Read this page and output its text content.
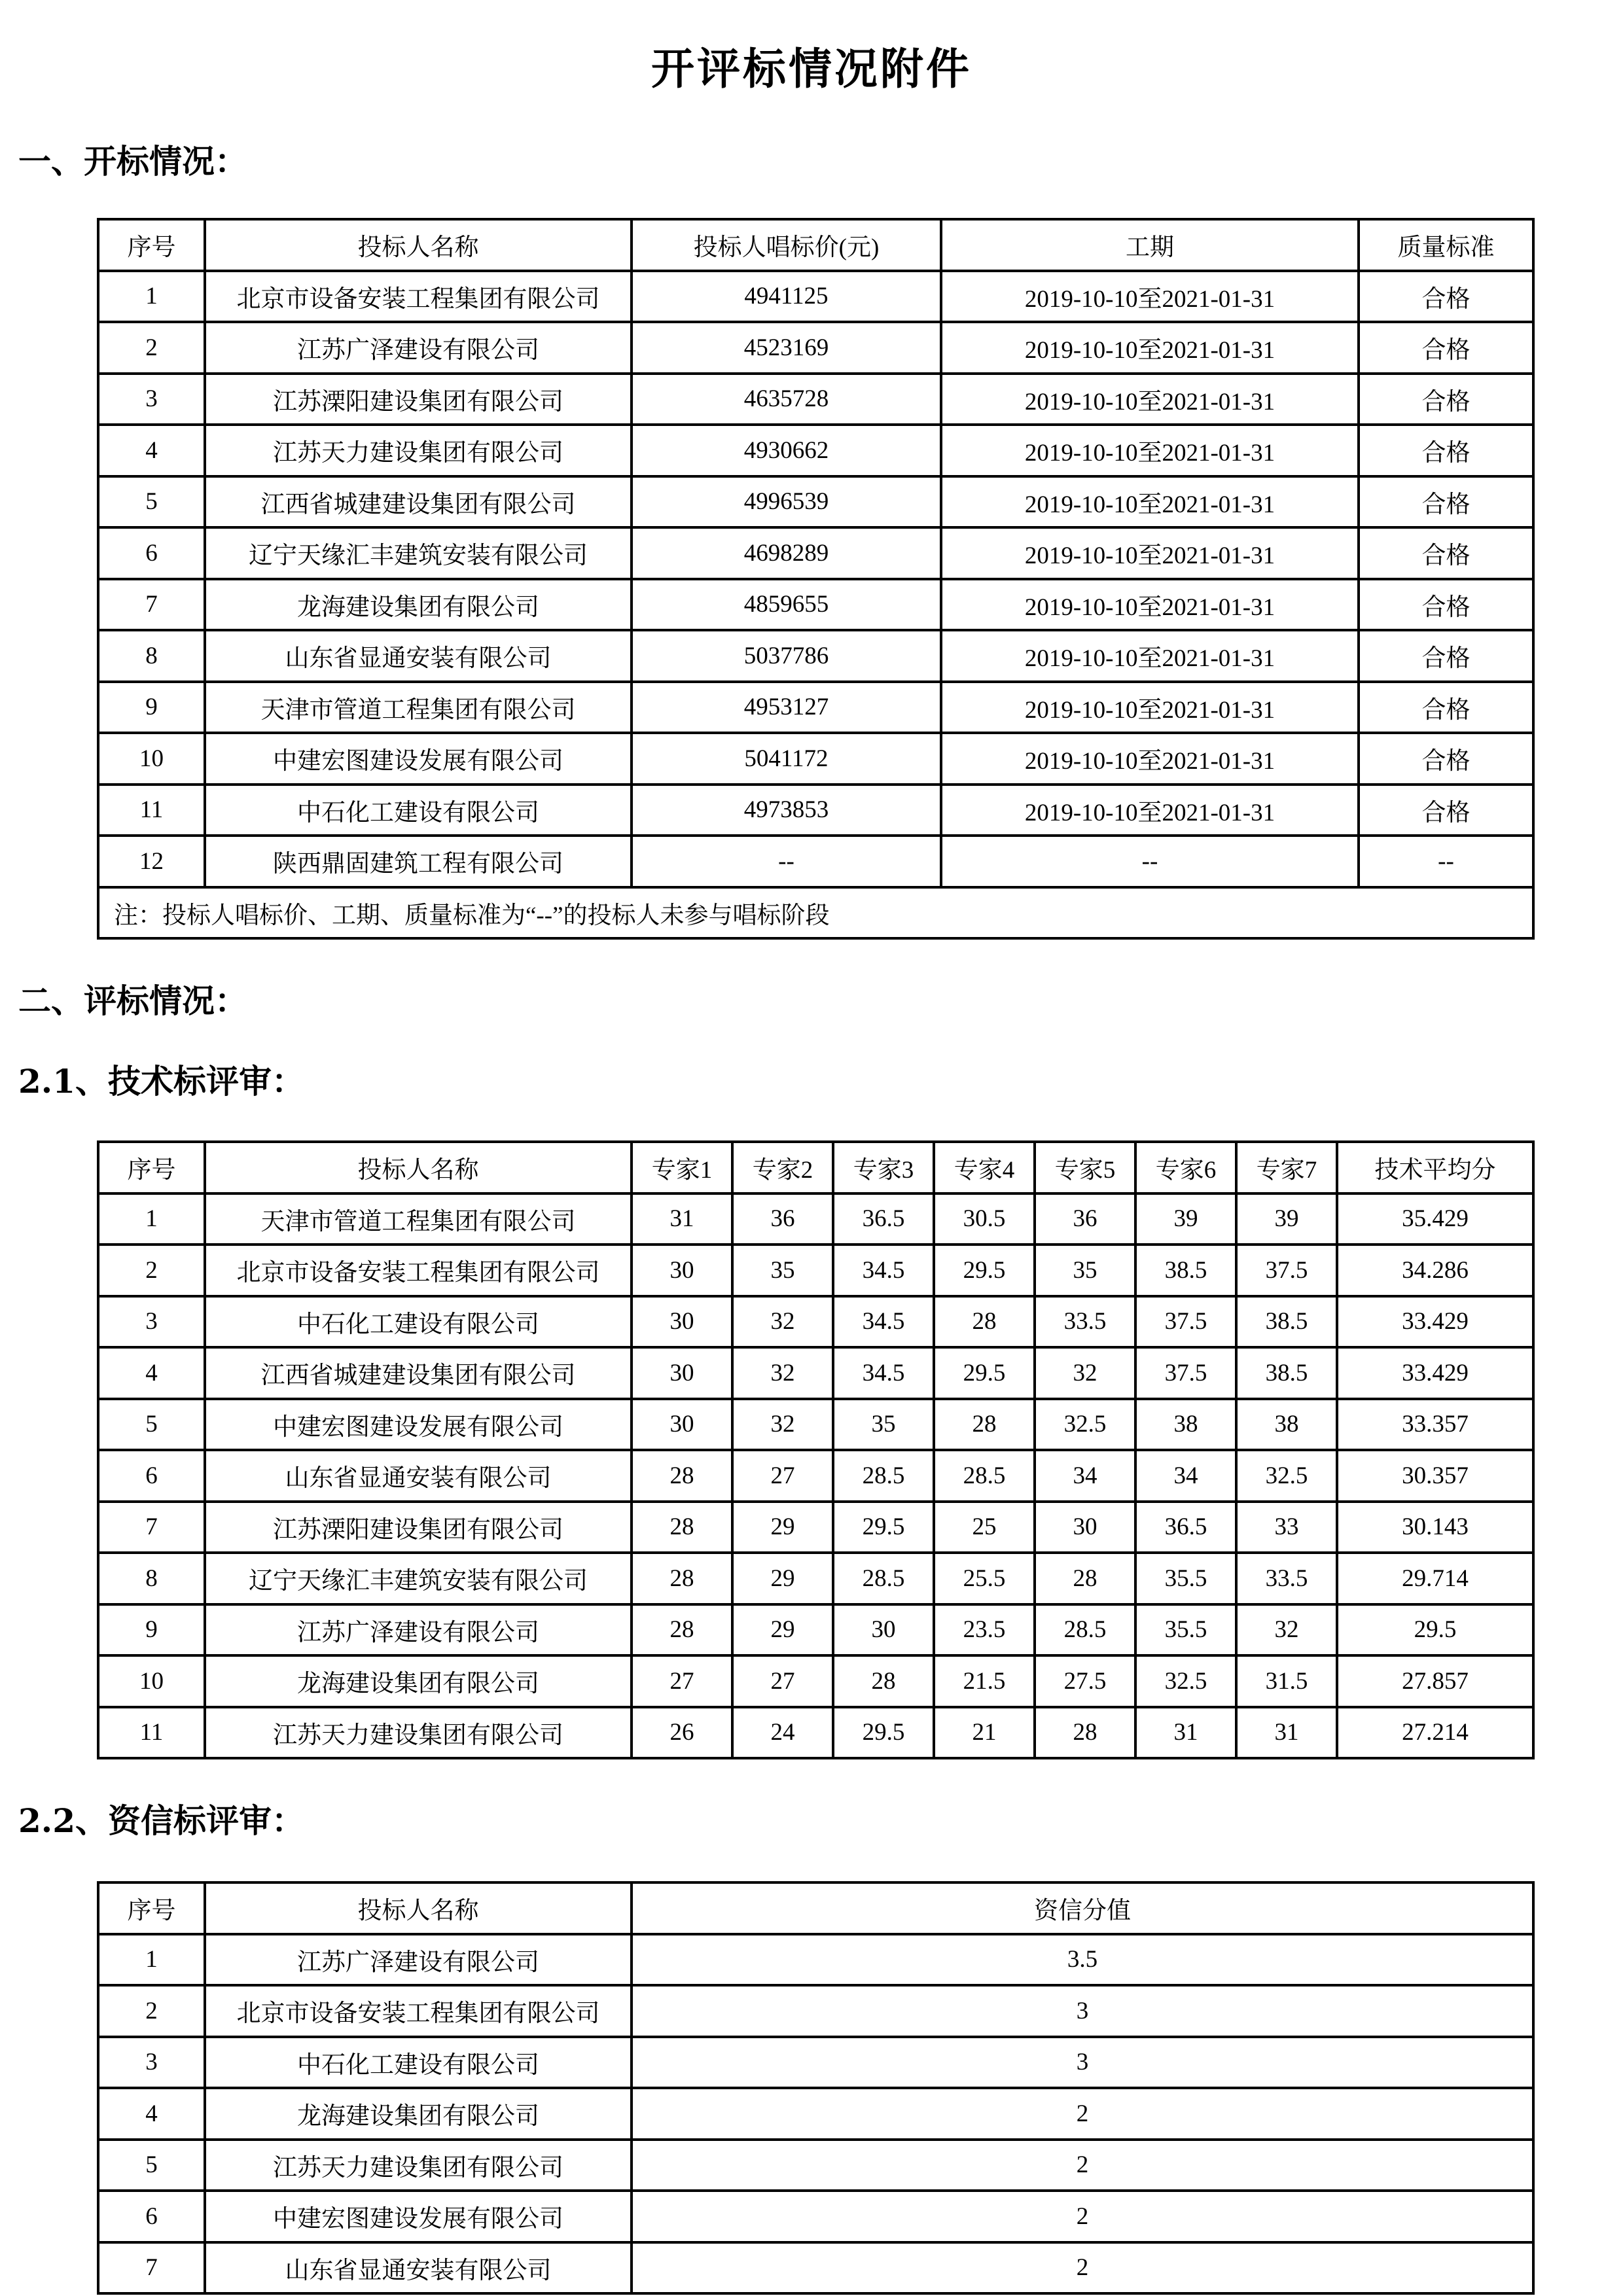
开评标情况附件
一、开标情况：
序号	投标人名称	投标人唱标价(元)	工期	质量标准
1	北京市设备安装工程集团有限公司	4941125	2019-10-10至2021-01-31	合格
2	江苏广泽建设有限公司	4523169	2019-10-10至2021-01-31	合格
3	江苏溧阳建设集团有限公司	4635728	2019-10-10至2021-01-31	合格
4	江苏天力建设集团有限公司	4930662	2019-10-10至2021-01-31	合格
5	江西省城建建设集团有限公司	4996539	2019-10-10至2021-01-31	合格
6	辽宁天缘汇丰建筑安装有限公司	4698289	2019-10-10至2021-01-31	合格
7	龙海建设集团有限公司	4859655	2019-10-10至2021-01-31	合格
8	山东省显通安装有限公司	5037786	2019-10-10至2021-01-31	合格
9	天津市管道工程集团有限公司	4953127	2019-10-10至2021-01-31	合格
10	中建宏图建设发展有限公司	5041172	2019-10-10至2021-01-31	合格
11	中石化工建设有限公司	4973853	2019-10-10至2021-01-31	合格
12	陕西鼎固建筑工程有限公司	--	--	--
注：投标人唱标价、工期、质量标准为“--”的投标人未参与唱标阶段				
二、评标情况：
2.1、技术标评审：
序号	投标人名称	专家1	专家2	专家3	专家4	专家5	专家6	专家7	技术平均分
1	天津市管道工程集团有限公司	31	36	36.5	30.5	36	39	39	35.429
2	北京市设备安装工程集团有限公司	30	35	34.5	29.5	35	38.5	37.5	34.286
3	中石化工建设有限公司	30	32	34.5	28	33.5	37.5	38.5	33.429
4	江西省城建建设集团有限公司	30	32	34.5	29.5	32	37.5	38.5	33.429
5	中建宏图建设发展有限公司	30	32	35	28	32.5	38	38	33.357
6	山东省显通安装有限公司	28	27	28.5	28.5	34	34	32.5	30.357
7	江苏溧阳建设集团有限公司	28	29	29.5	25	30	36.5	33	30.143
8	辽宁天缘汇丰建筑安装有限公司	28	29	28.5	25.5	28	35.5	33.5	29.714
9	江苏广泽建设有限公司	28	29	30	23.5	28.5	35.5	32	29.5
10	龙海建设集团有限公司	27	27	28	21.5	27.5	32.5	31.5	27.857
11	江苏天力建设集团有限公司	26	24	29.5	21	28	31	31	27.214
2.2、资信标评审：
序号	投标人名称	资信分值
1	江苏广泽建设有限公司	3.5
2	北京市设备安装工程集团有限公司	3
3	中石化工建设有限公司	3
4	龙海建设集团有限公司	2
5	江苏天力建设集团有限公司	2
6	中建宏图建设发展有限公司	2
7	山东省显通安装有限公司	2
